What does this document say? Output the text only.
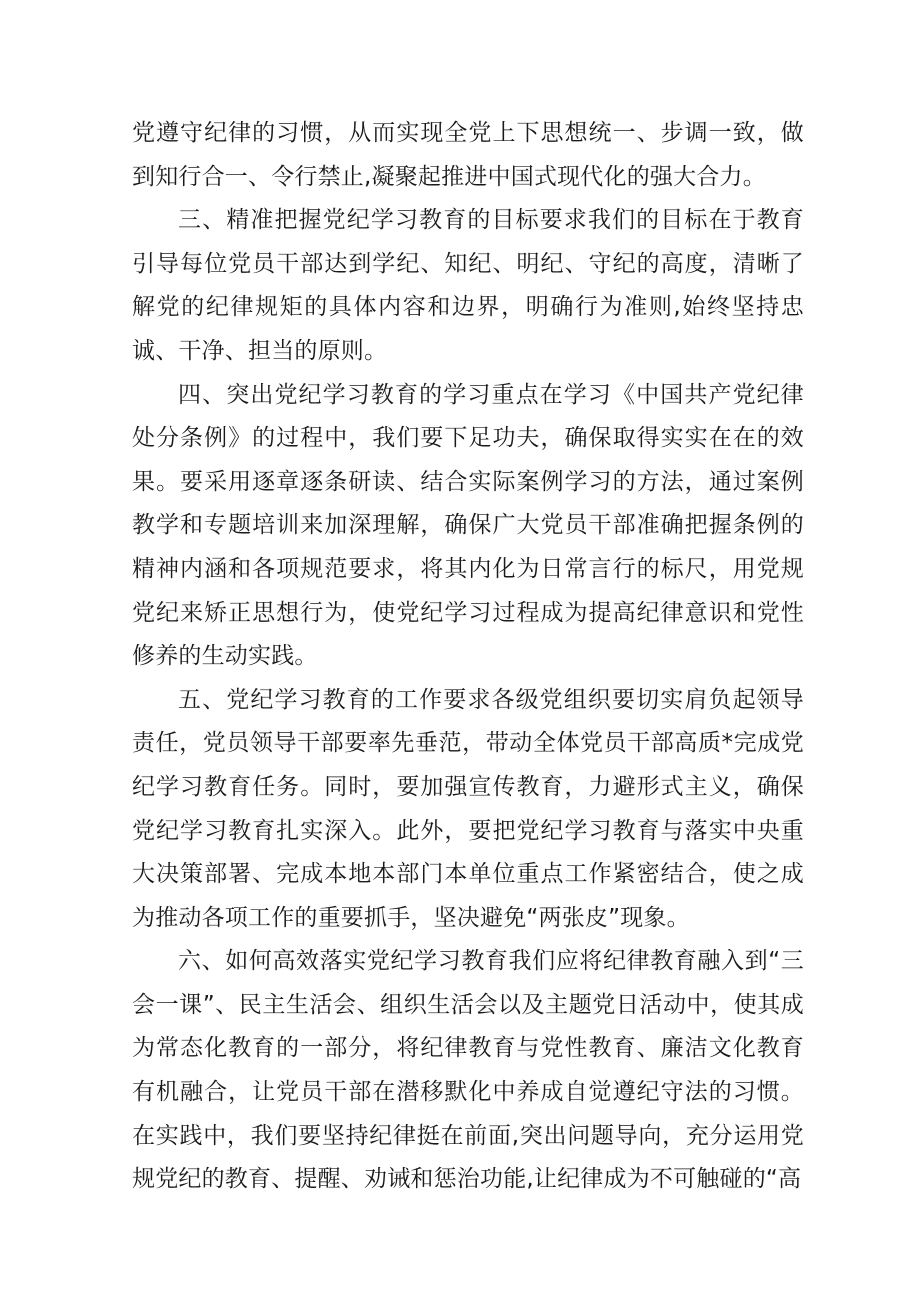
党遵守纪律的习惯，从而实现全党上下思想统一、步调一致，做到知行合一、令行禁止,凝聚起推进中国式现代化的强大合力。

三、精准把握党纪学习教育的目标要求我们的目标在于教育引导每位党员干部达到学纪、知纪、明纪、守纪的高度，清晰了解党的纪律规矩的具体内容和边界，明确行为准则,始终坚持忠诚、干净、担当的原则。

四、突出党纪学习教育的学习重点在学习《中国共产党纪律处分条例》的过程中，我们要下足功夫，确保取得实实在在的效果。要采用逐章逐条研读、结合实际案例学习的方法，通过案例教学和专题培训来加深理解，确保广大党员干部准确把握条例的精神内涵和各项规范要求，将其内化为日常言行的标尺，用党规党纪来矫正思想行为，使党纪学习过程成为提高纪律意识和党性修养的生动实践。

五、党纪学习教育的工作要求各级党组织要切实肩负起领导责任，党员领导干部要率先垂范，带动全体党员干部高质*完成党纪学习教育任务。同时，要加强宣传教育，力避形式主义，确保党纪学习教育扎实深入。此外，要把党纪学习教育与落实中央重大决策部署、完成本地本部门本单位重点工作紧密结合，使之成为推动各项工作的重要抓手，坚决避免“两张皮”现象。

六、如何高效落实党纪学习教育我们应将纪律教育融入到“三会一课”、民主生活会、组织生活会以及主题党日活动中，使其成为常态化教育的一部分，将纪律教育与党性教育、廉洁文化教育有机融合，让党员干部在潜移默化中养成自觉遵纪守法的习惯。在实践中，我们要坚持纪律挺在前面,突出问题导向，充分运用党规党纪的教育、提醒、劝诫和惩治功能,让纪律成为不可触碰的“高
